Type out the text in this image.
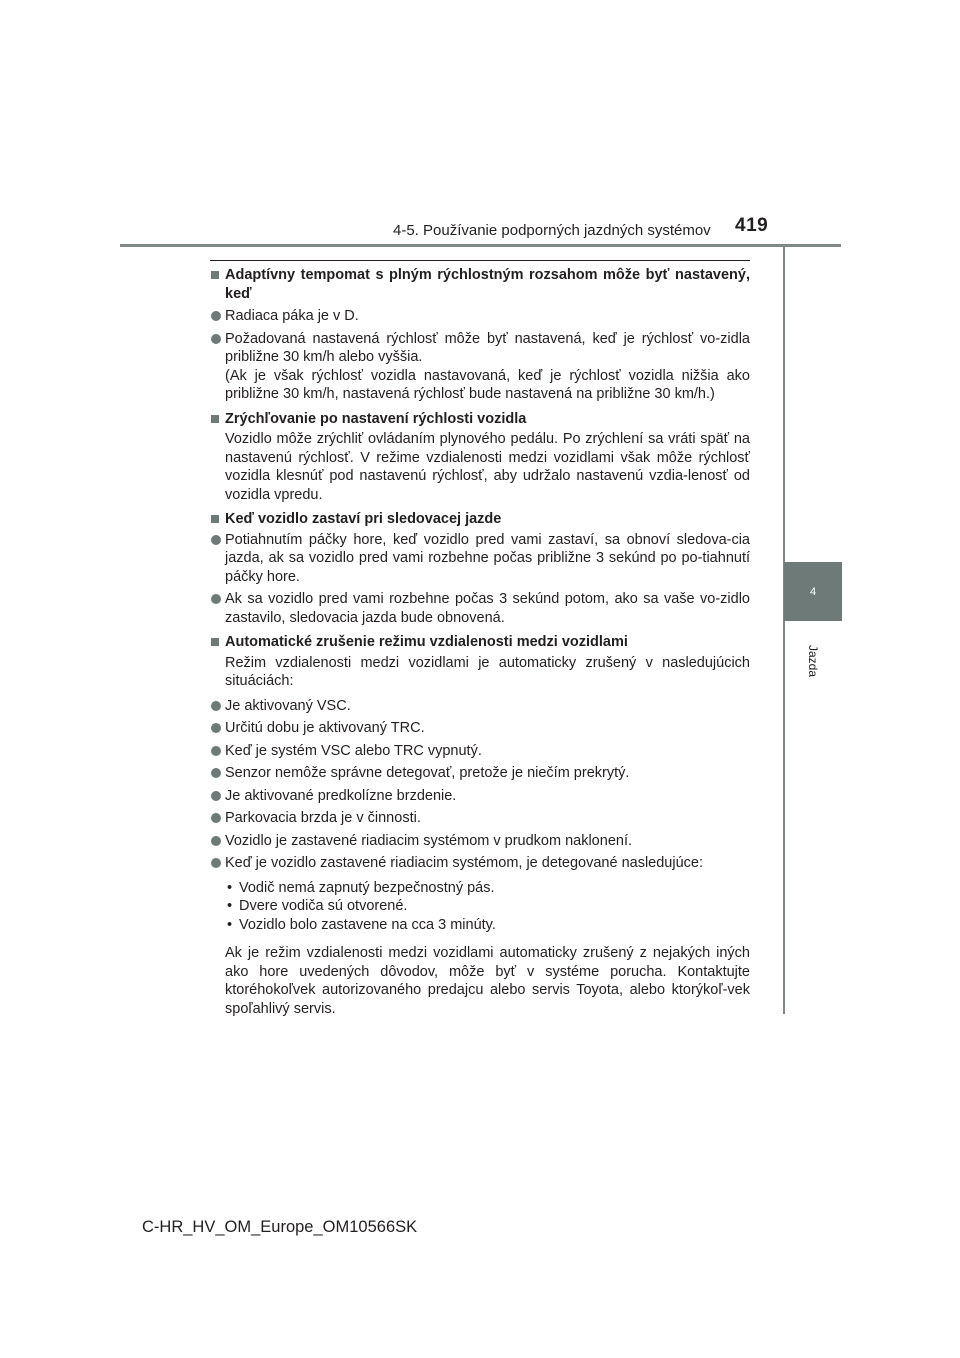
4-5. Používanie podporných jazdných systémov 419
4
Jazda
Adaptívny tempomat s plným rýchlostným rozsahom môže byť nastavený, keď
Radiaca páka je v D.
Požadovaná nastavená rýchlosť môže byť nastavená, keď je rýchlosť vo-zidla približne 30 km/h alebo vyššia.
(Ak je však rýchlosť vozidla nastavovaná, keď je rýchlosť vozidla nižšia ako približne 30 km/h, nastavená rýchlosť bude nastavená na približne 30 km/h.)
Zrýchľovanie po nastavení rýchlosti vozidla
Vozidlo môže zrýchliť ovládaním plynového pedálu. Po zrýchlení sa vráti späť na nastavenú rýchlosť. V režime vzdialenosti medzi vozidlami však môže rýchlosť vozidla klesnúť pod nastavenú rýchlosť, aby udržalo nastavenú vzdia-lenosť od vozidla vpredu.
Keď vozidlo zastaví pri sledovacej jazde
Potiahnutím páčky hore, keď vozidlo pred vami zastaví, sa obnoví sledova-cia jazda, ak sa vozidlo pred vami rozbehne počas približne 3 sekúnd po po-tiahnutí páčky hore.
Ak sa vozidlo pred vami rozbehne počas 3 sekúnd potom, ako sa vaše vo-zidlo zastavilo, sledovacia jazda bude obnovená.
Automatické zrušenie režimu vzdialenosti medzi vozidlami
Režim vzdialenosti medzi vozidlami je automaticky zrušený v nasledujúcich situáciách:
Je aktivovaný VSC.
Určitú dobu je aktivovaný TRC.
Keď je systém VSC alebo TRC vypnutý.
Senzor nemôže správne detegovať, pretože je niečím prekrytý.
Je aktivované predkolízne brzdenie.
Parkovacia brzda je v činnosti.
Vozidlo je zastavené riadiacim systémom v prudkom naklonení.
Keď je vozidlo zastavené riadiacim systémom, je detegované nasledujúce:
• Vodič nemá zapnutý bezpečnostný pás.
• Dvere vodiča sú otvorené.
• Vozidlo bolo zastavene na cca 3 minúty.
Ak je režim vzdialenosti medzi vozidlami automaticky zrušený z nejakých iných ako hore uvedených dôvodov, môže byť v systéme porucha. Kontaktujte ktoréhokoľvek autorizovaného predajcu alebo servis Toyota, alebo ktorýkoľ-vek spoľahlivý servis.
C-HR_HV_OM_Europe_OM10566SK
